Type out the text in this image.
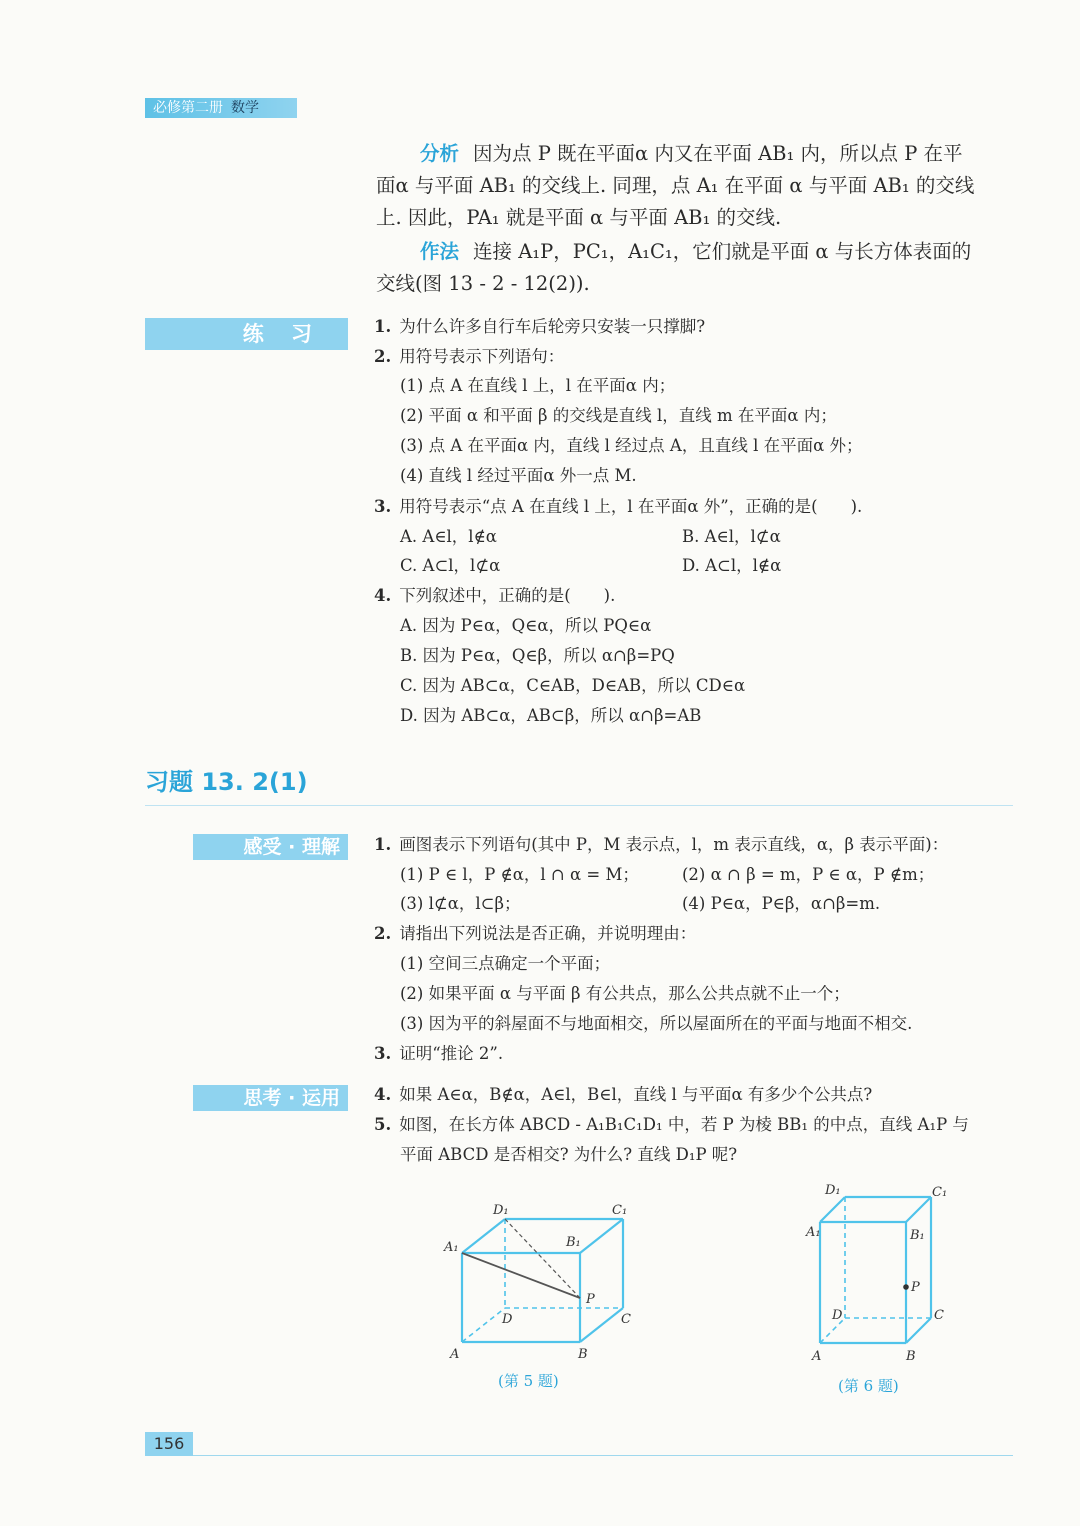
必修第二册 数学
分析 因为点 P 既在平面α 内又在平面 AB₁ 内，所以点 P 在平
面α 与平面 AB₁ 的交线上. 同理，点 A₁ 在平面 α 与平面 AB₁ 的交线
上. 因此，PA₁ 就是平面 α 与平面 AB₁ 的交线.
作法 连接 A₁P，PC₁，A₁C₁，它们就是平面 α 与长方体表面的
交线(图 13 - 2 - 12(2)).
练 习	1. 为什么许多自行车后轮旁只安装一只撑脚?
2. 用符号表示下列语句：
(1) 点 A 在直线 l 上，l 在平面α 内；
(2) 平面 α 和平面 β 的交线是直线 l，直线 m 在平面α 内；
(3) 点 A 在平面α 内，直线 l 经过点 A，且直线 l 在平面α 外；
(4) 直线 l 经过平面α 外一点 M.
3. 用符号表示“点 A 在直线 l 上，l 在平面α 外”，正确的是(　　).
A. A∈l，l∉α	B. A∈l，l⊄α
C. A⊂l，l⊄α	D. A⊂l，l∉α
4. 下列叙述中，正确的是(　　).
A. 因为 P∈α，Q∈α，所以 PQ∈α
B. 因为 P∈α，Q∈β，所以 α∩β=PQ
C. 因为 AB⊂α，C∈AB，D∈AB，所以 CD∈α
D. 因为 AB⊂α，AB⊂β，所以 α∩β=AB
习题 13. 2(1)
感受 · 理解	1. 画图表示下列语句(其中 P，M 表示点，l，m 表示直线，α，β 表示平面)：
(1) P ∈ l，P ∉α，l ∩ α = M；	(2) α ∩ β = m，P ∈ α，P ∉m；
(3) l⊄α，l⊂β；	(4) P∈α，P∈β，α∩β=m.
2. 请指出下列说法是否正确，并说明理由：
(1) 空间三点确定一个平面；
(2) 如果平面 α 与平面 β 有公共点，那么公共点就不止一个；
(3) 因为平的斜屋面不与地面相交，所以屋面所在的平面与地面不相交.
3. 证明“推论 2”.
思考 · 运用	4. 如果 A∈α，B∉α，A∈l，B∈l，直线 l 与平面α 有多少个公共点?
5. 如图，在长方体 ABCD - A₁B₁C₁D₁ 中，若 P 为棱 BB₁ 的中点，直线 A₁P 与
平面 ABCD 是否相交? 为什么? 直线 D₁P 呢?
A₁	B₁
C₁
D₁
A	B
C
D
P
(第 5 题)
A₁	B₁
C₁
D₁
A	B
C
D
P
(第 6 题)
156
